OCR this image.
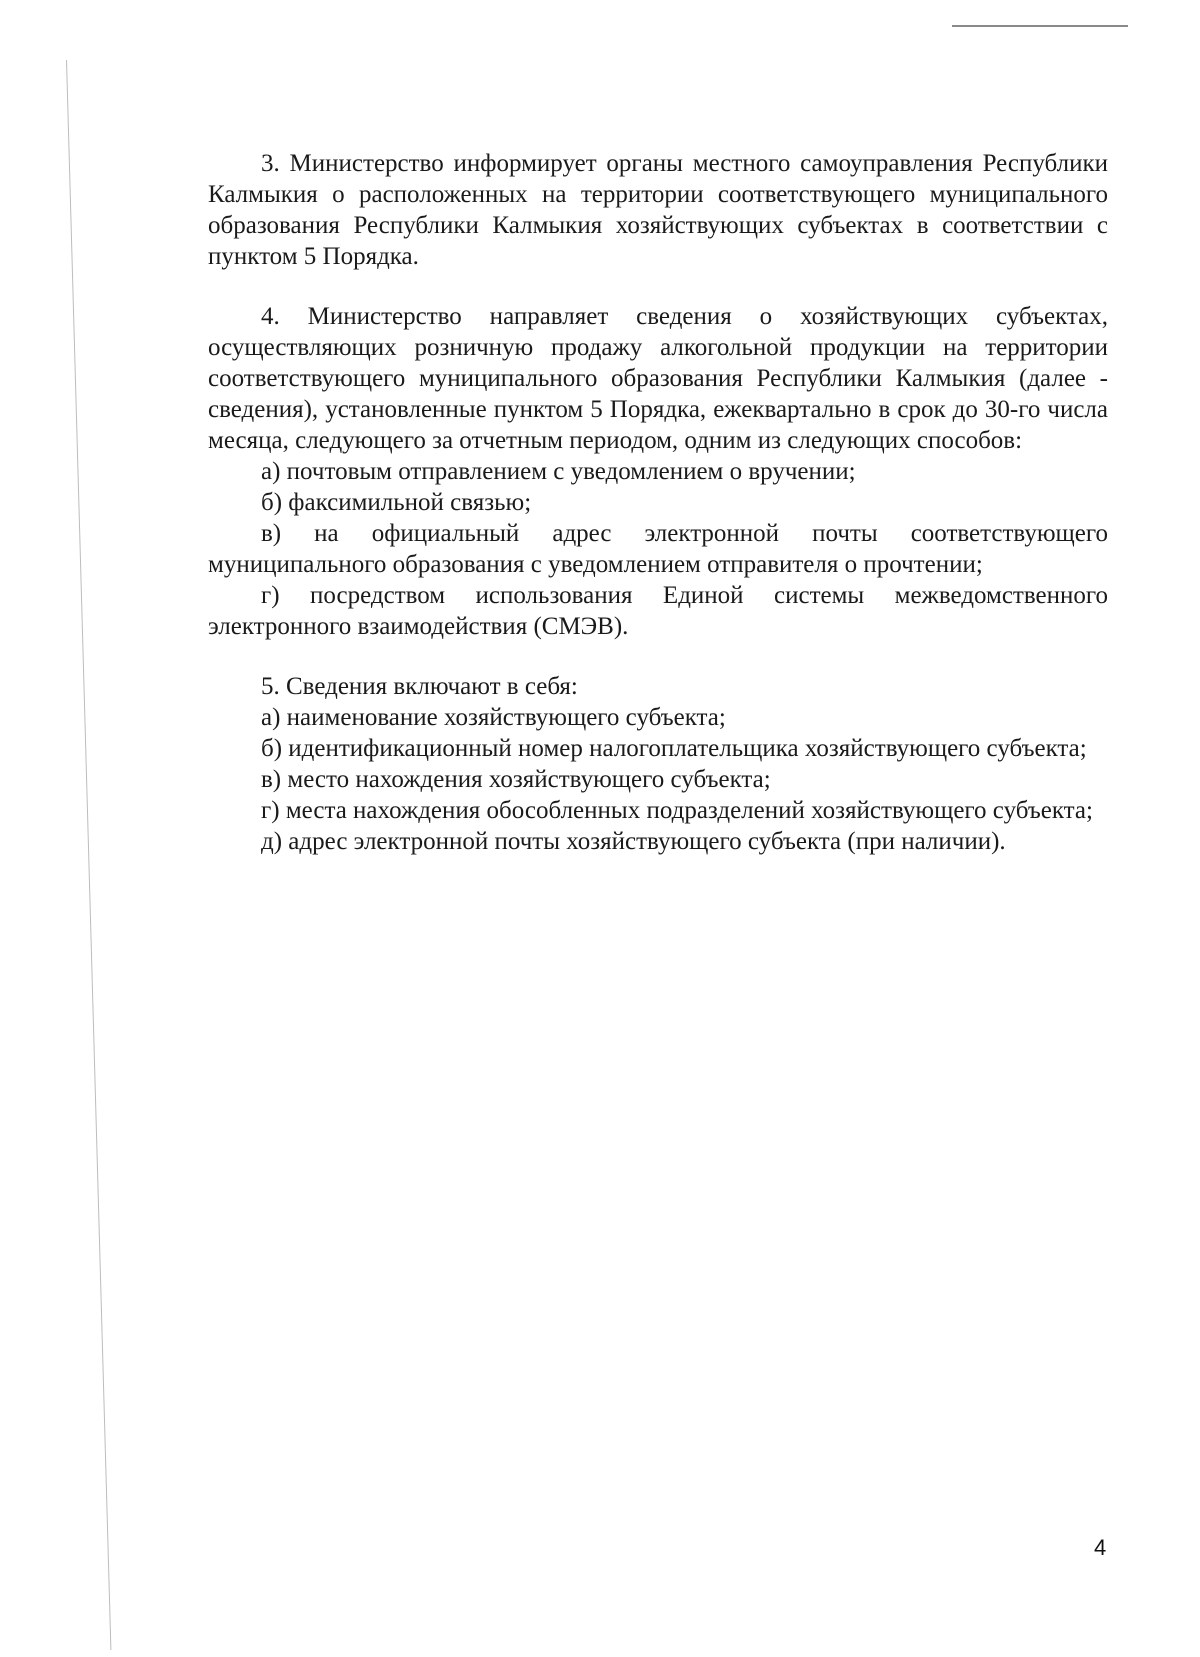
3. Министерство информирует органы местного самоуправления Республики Калмыкия о расположенных на территории соответствующего муниципального образования Республики Калмыкия хозяйствующих субъектах в соответствии с пунктом 5 Порядка.

4. Министерство направляет сведения о хозяйствующих субъектах, осуществляющих розничную продажу алкогольной продукции на территории соответствующего муниципального образования Республики Калмыкия (далее - сведения), установленные пунктом 5 Порядка, ежеквартально в срок до 30-го числа месяца, следующего за отчетным периодом, одним из следующих способов:

а) почтовым отправлением с уведомлением о вручении;

б) факсимильной связью;

в) на официальный адрес электронной почты соответствующего муниципального образования с уведомлением отправителя о прочтении;

г) посредством использования Единой системы межведомственного электронного взаимодействия (СМЭВ).

5. Сведения включают в себя:

а) наименование хозяйствующего субъекта;

б) идентификационный номер налогоплательщика хозяйствующего субъекта;

в) место нахождения хозяйствующего субъекта;

г) места нахождения обособленных подразделений хозяйствующего субъекта;

д) адрес электронной почты хозяйствующего субъекта (при наличии).

4
